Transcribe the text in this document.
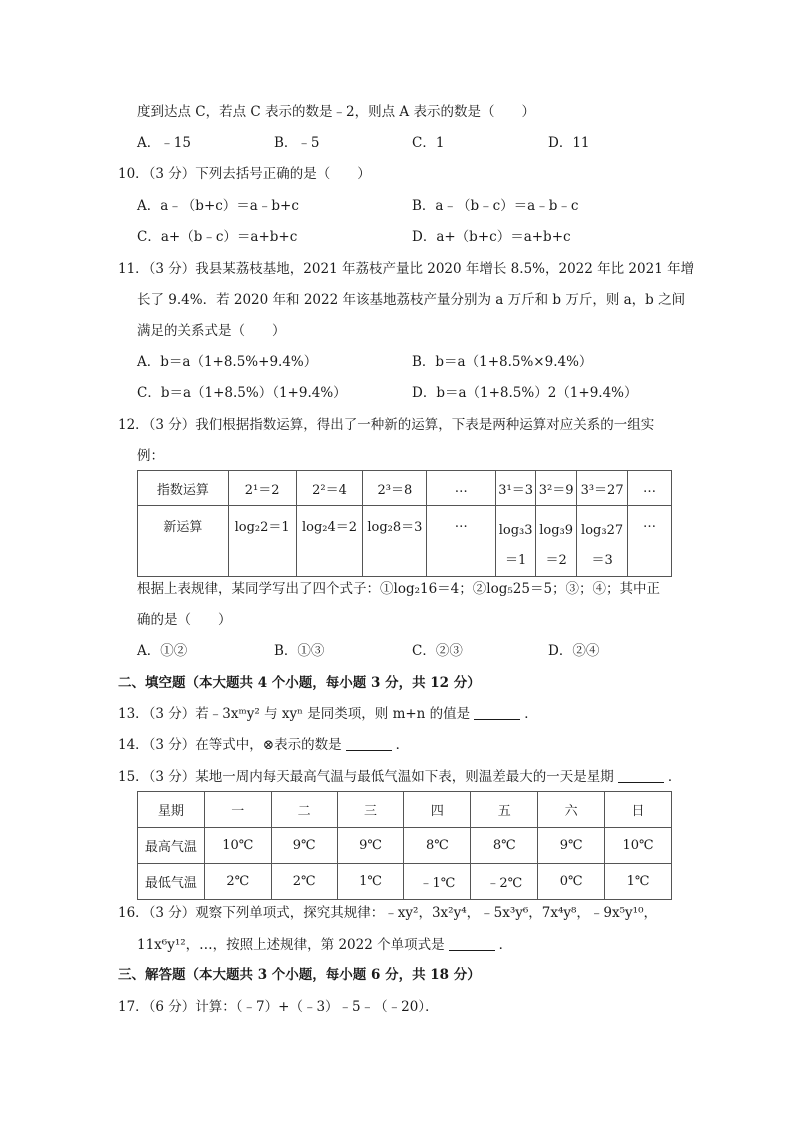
度到达点 C，若点 C 表示的数是﹣2，则点 A 表示的数是（　　）
A．﹣15	B．﹣5	C．1	D．11
10．（3 分）下列去括号正确的是（　　）
A．a﹣（b+c）＝a﹣b+c	B．a﹣（b﹣c）＝a﹣b﹣c
C．a+（b﹣c）＝a+b+c	D．a+（b+c）＝a+b+c
11．（3 分）我县某荔枝基地，2021 年荔枝产量比 2020 年增长 8.5%，2022 年比 2021 年增
长了 9.4%．若 2020 年和 2022 年该基地荔枝产量分别为 a 万斤和 b 万斤，则 a，b 之间
满足的关系式是（　　）
A．b＝a（1+8.5%+9.4%）	B．b＝a（1+8.5%×9.4%）
C．b＝a（1+8.5%）（1+9.4%）	D．b＝a（1+8.5%）2（1+9.4%）
12．（3 分）我们根据指数运算，得出了一种新的运算，下表是两种运算对应关系的一组实
例：
指数运算	2¹＝2	2²＝4	2³＝8	…	3¹＝3	3²＝9	3³＝27	…
新运算	log₂2＝1	log₂4＝2	log₂8＝3	…	log₃3 ＝1	log₃9 ＝2	log₃27 ＝3	…
根据上表规律，某同学写出了四个式子：①log₂16＝4；②log₅25＝5；③；④；其中正
确的是（　　）
A．①②	B．①③	C．②③	D．②④
二、填空题（本大题共 4 个小题，每小题 3 分，共 12 分）
13．（3 分）若﹣3xᵐy² 与 xyⁿ 是同类项，则 m+n 的值是	．
14．（3 分）在等式中，⊗表示的数是	．
15．（3 分）某地一周内每天最高气温与最低气温如下表，则温差最大的一天是星期	．
星期	一	二	三	四	五	六	日
最高气温	10℃	9℃	9℃	8℃	8℃	9℃	10℃
最低气温	2℃	2℃	1℃	﹣1℃	﹣2℃	0℃	1℃
16．（3 分）观察下列单项式，探究其规律：﹣xy²，3x²y⁴，﹣5x³y⁶，7x⁴y⁸，﹣9x⁵y¹⁰，
11x⁶y¹²，…，按照上述规律，第 2022 个单项式是	．
三、解答题（本大题共 3 个小题，每小题 6 分，共 18 分）
17．（6 分）计算：（﹣7）+（﹣3）﹣5﹣（﹣20）．
